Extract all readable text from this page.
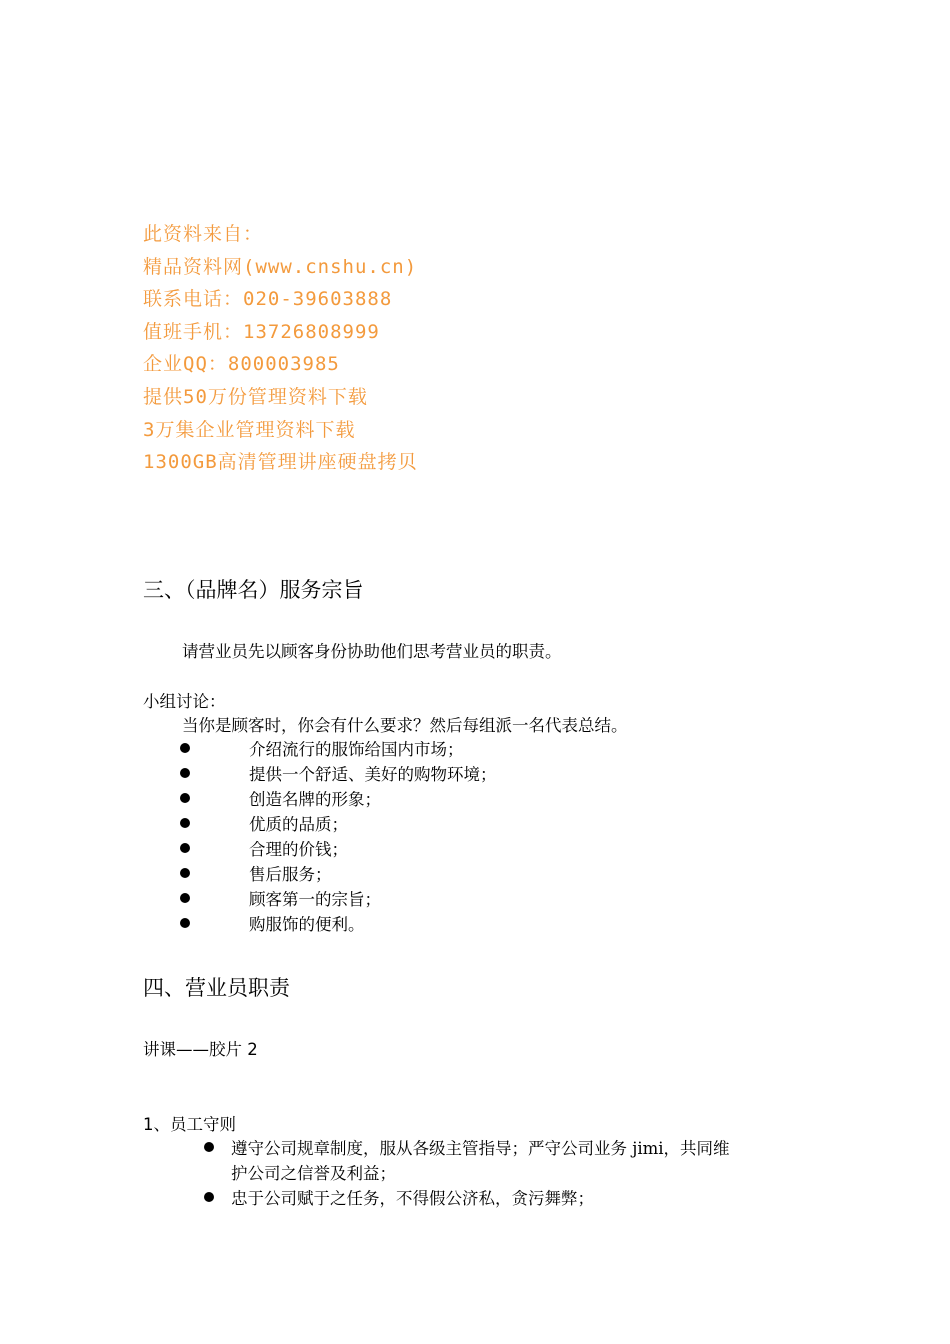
此资料来自：
精品资料网(www.cnshu.cn)
联系电话：020-39603888
值班手机：13726808999
企业QQ：800003985
提供50万份管理资料下载
3万集企业管理资料下载
1300GB高清管理讲座硬盘拷贝
三、（品牌名）服务宗旨
请营业员先以顾客身份协助他们思考营业员的职责。
小组讨论：
当你是顾客时，你会有什么要求？然后每组派一名代表总结。
介绍流行的服饰给国内市场；
提供一个舒适、美好的购物环境；
创造名牌的形象；
优质的品质；
合理的价钱；
售后服务；
顾客第一的宗旨；
购服饰的便利。
四、营业员职责
讲课——胶片 2
1、员工守则
遵守公司规章制度，服从各级主管指导；严守公司业务 jimi，共同维
护公司之信誉及利益；
忠于公司赋于之任务，不得假公济私，贪污舞弊；
